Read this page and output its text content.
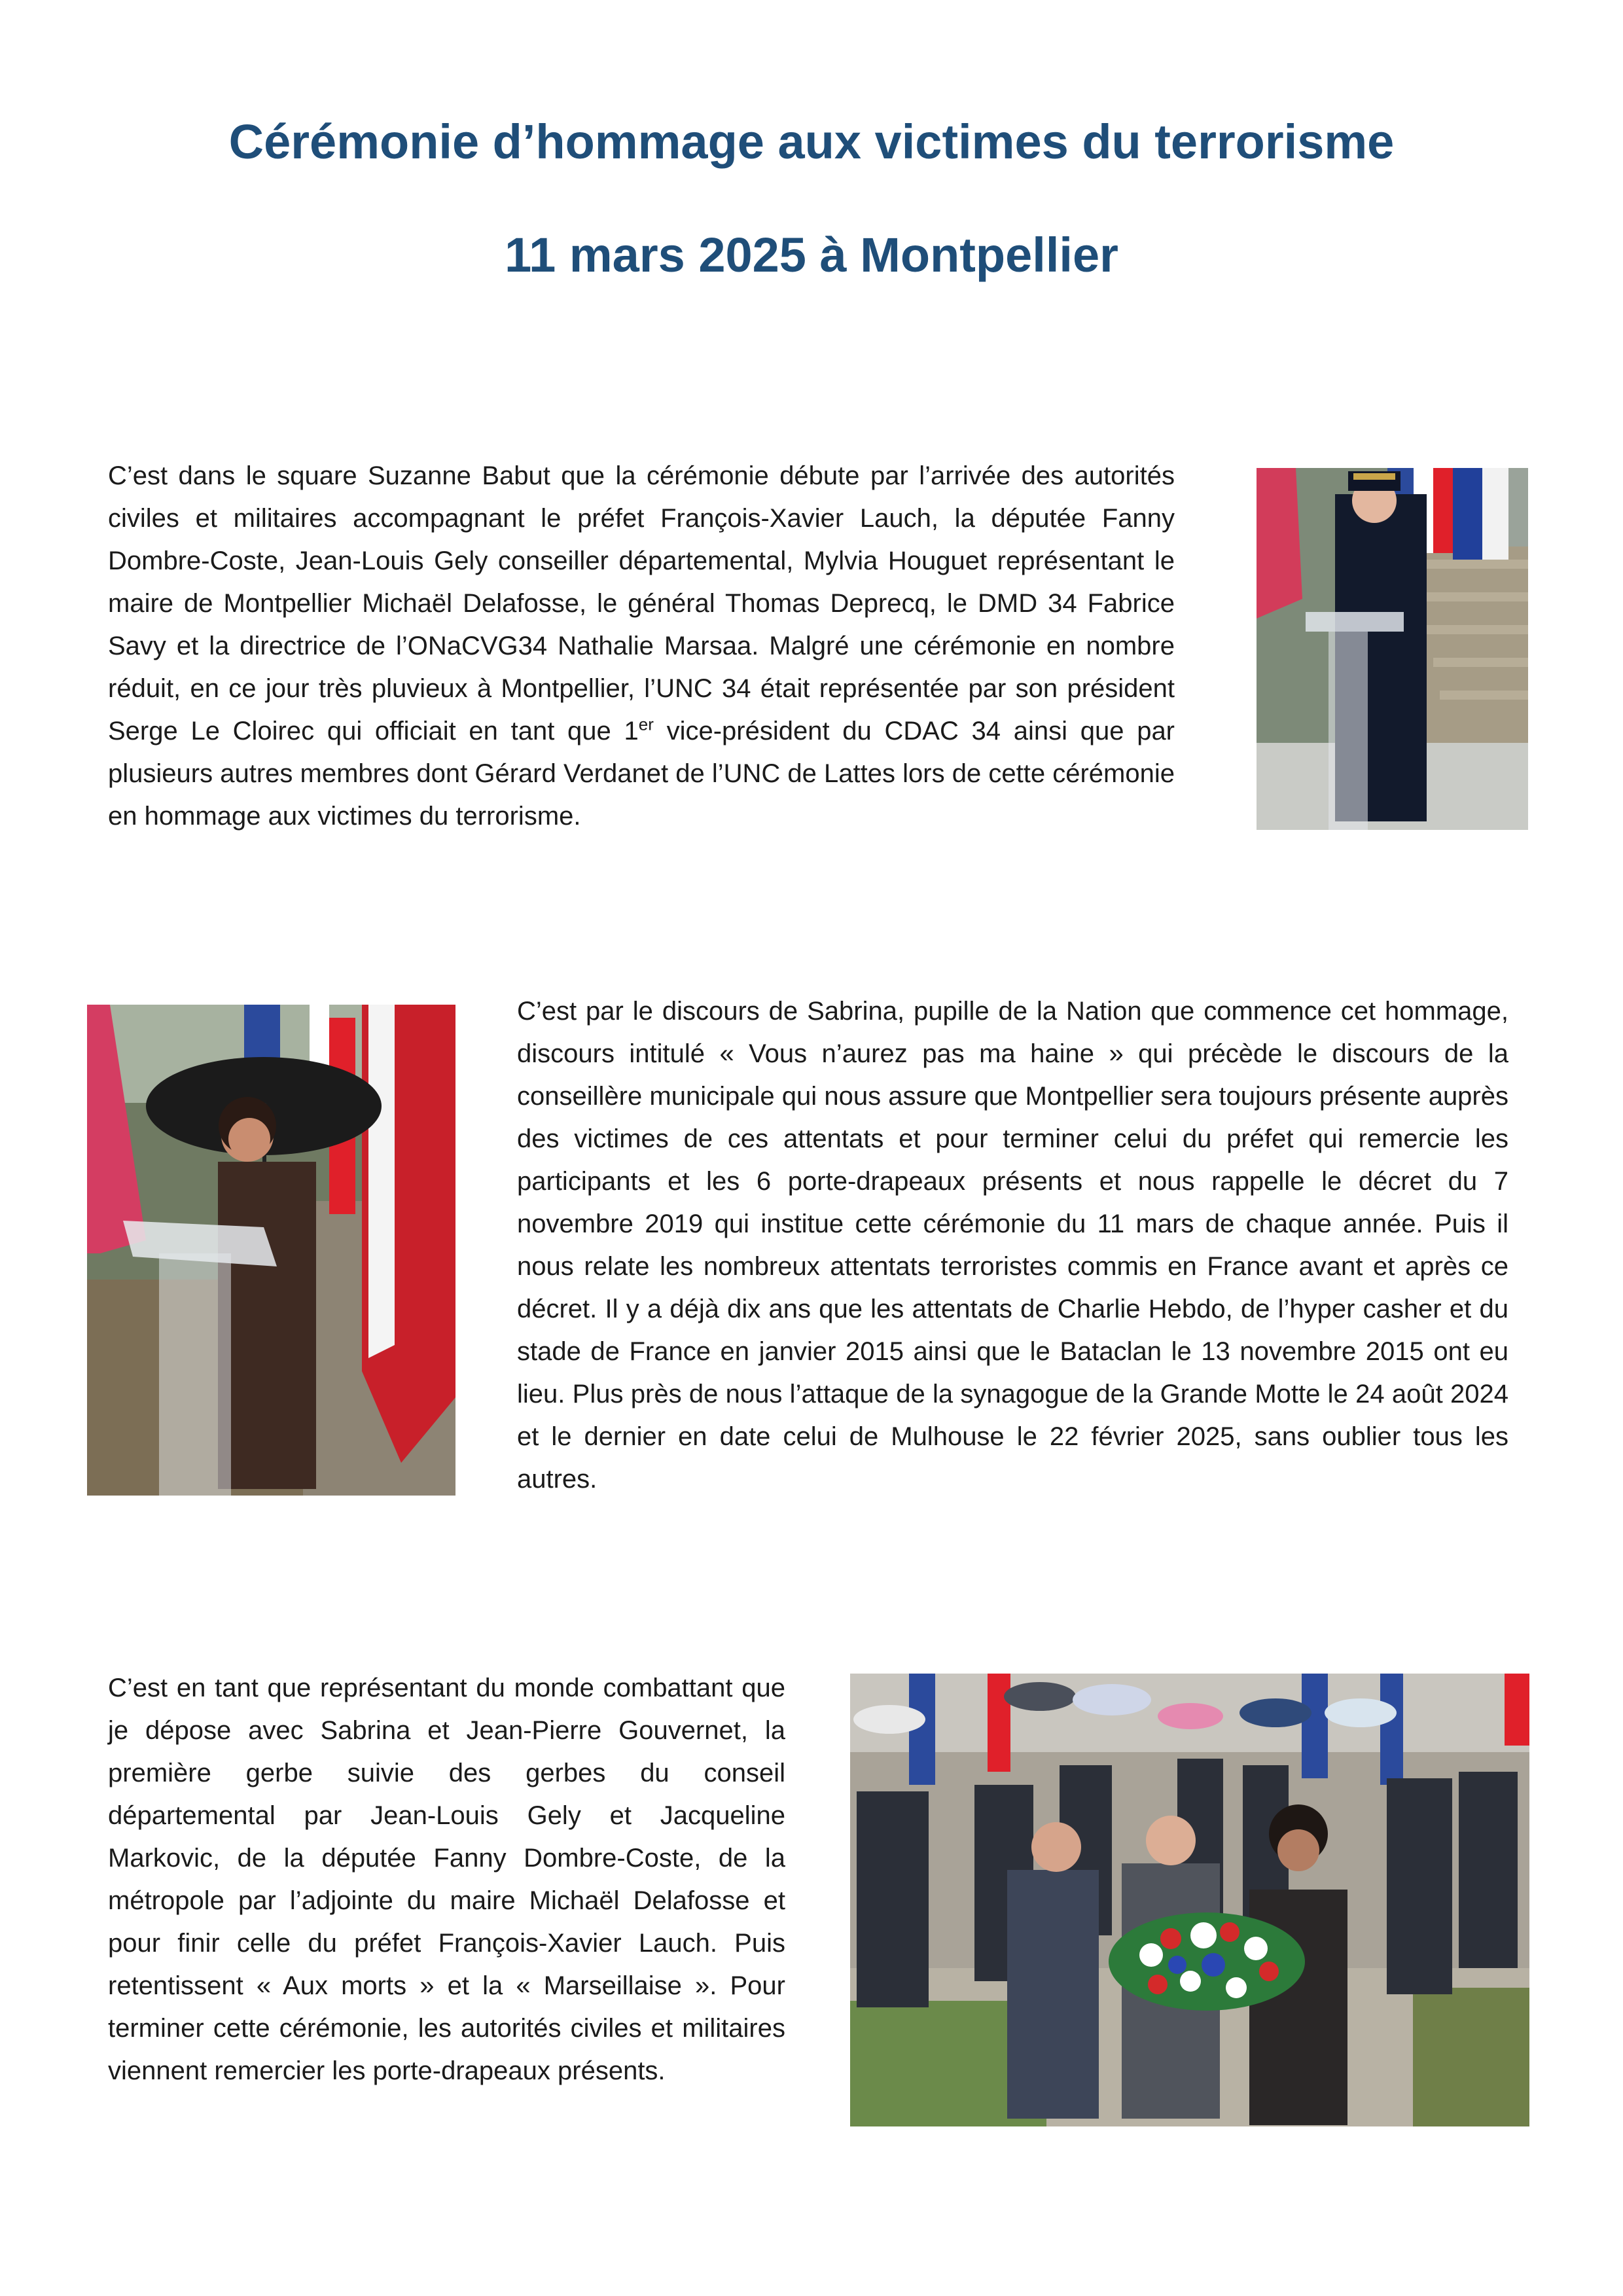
Cérémonie d’hommage aux victimes du terrorisme
11 mars 2025 à Montpellier

C’est dans le square Suzanne Babut que la cérémonie débute par l’arrivée des autorités civiles et militaires accompagnant le préfet François-Xavier Lauch, la députée Fanny Dombre-Coste, Jean-Louis Gely conseiller départemental, Mylvia Houguet représentant le maire de Montpellier Michaël Delafosse, le général Thomas Deprecq, le DMD 34 Fabrice Savy et la directrice de l’ONaCVG34 Nathalie Marsaa. Malgré une cérémonie en nombre réduit, en ce jour très pluvieux à Montpellier, l’UNC 34 était représentée par son président Serge Le Cloirec qui officiait en tant que 1er vice-président du CDAC 34 ainsi que par plusieurs autres membres dont Gérard Verdanet de l’UNC de Lattes lors de cette cérémonie en hommage aux victimes du terrorisme.

C’est par le discours de Sabrina, pupille de la Nation que commence cet hommage, discours intitulé « Vous n’aurez pas ma haine » qui précède le discours de la conseillère municipale qui nous assure que Montpellier sera toujours présente auprès des victimes de ces attentats et pour terminer celui du préfet qui remercie les participants et les 6 porte-drapeaux présents et nous rappelle le décret du 7 novembre 2019 qui institue cette cérémonie du 11 mars de chaque année. Puis il nous relate les nombreux attentats terroristes commis en France avant et après ce décret. Il y a déjà dix ans que les attentats de Charlie Hebdo, de l’hyper casher et du stade de France en janvier 2015 ainsi que le Bataclan le 13 novembre 2015 ont eu lieu. Plus près de nous l’attaque de la synagogue de la Grande Motte le 24 août 2024 et le dernier en date celui de Mulhouse le 22 février 2025, sans oublier tous les autres.

C’est en tant que représentant du monde combattant que je dépose avec Sabrina et Jean-Pierre Gouvernet, la première gerbe suivie des gerbes du conseil départemental par Jean-Louis Gely et Jacqueline Markovic, de la députée Fanny Dombre-Coste, de la métropole par l’adjointe du maire Michaël Delafosse et pour finir celle du préfet François-Xavier Lauch. Puis retentissent « Aux morts » et la « Marseillaise ». Pour terminer cette cérémonie, les autorités civiles et militaires viennent remercier les porte-drapeaux présents.
